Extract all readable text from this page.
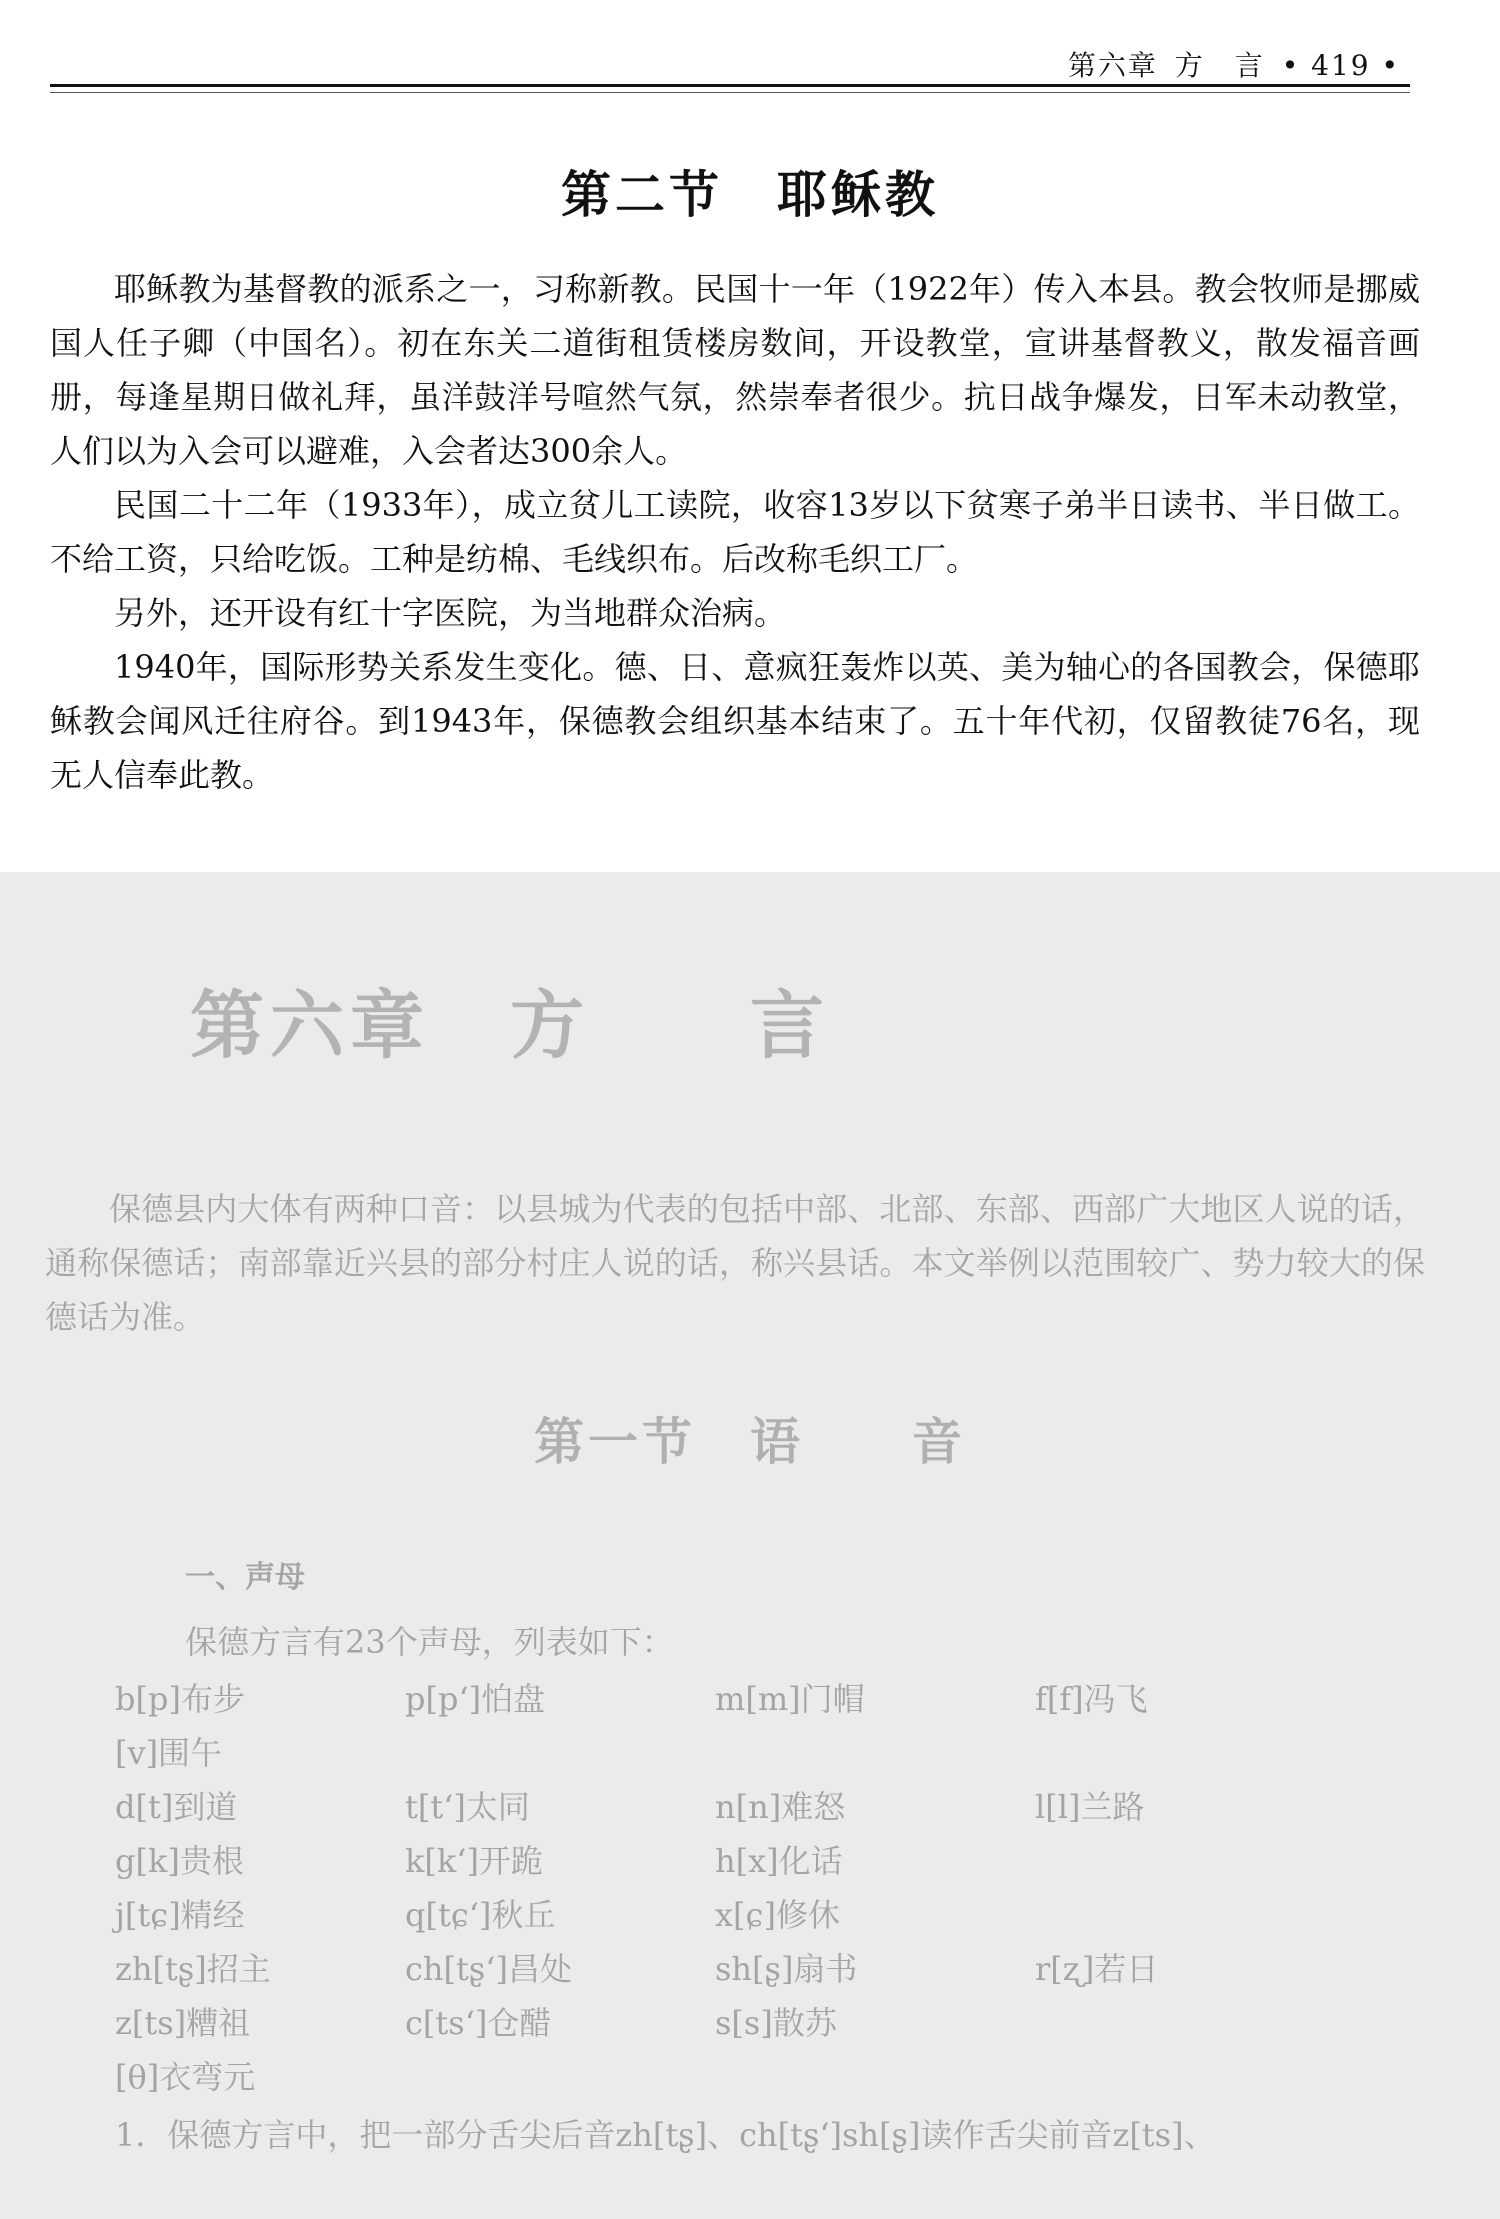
第六章 方　言 • 419 •
第二节　耶稣教

耶稣教为基督教的派系之一，习称新教。民国十一年（1922年）传入本县。教会牧师是挪威国人任子卿（中国名）。初在东关二道街租赁楼房数间，开设教堂，宣讲基督教义，散发福音画册，每逢星期日做礼拜，虽洋鼓洋号喧然气氛，然崇奉者很少。抗日战争爆发，日军未动教堂，人们以为入会可以避难，入会者达300余人。

民国二十二年（1933年），成立贫儿工读院，收容13岁以下贫寒子弟半日读书、半日做工。不给工资，只给吃饭。工种是纺棉、毛线织布。后改称毛织工厂。

另外，还开设有红十字医院，为当地群众治病。

1940年，国际形势关系发生变化。德、日、意疯狂轰炸以英、美为轴心的各国教会，保德耶稣教会闻风迁往府谷。到1943年，保德教会组织基本结束了。五十年代初，仅留教徒76名，现无人信奉此教。

第六章　方　　言

保德县内大体有两种口音：以县城为代表的包括中部、北部、东部、西部广大地区人说的话，通称保德话；南部靠近兴县的部分村庄人说的话，称兴县话。本文举例以范围较广、势力较大的保德话为准。

第一节　语　　音
一、声母
保德方言有23个声母，列表如下：
b[p]布步	p[p‘]怕盘	m[m]门帽	f[f]冯飞
[v]围午
d[t]到道	t[t‘]太同	n[n]难怒	l[l]兰路
g[k]贵根	k[k‘]开跪	h[x]化话
j[tɕ]精经	q[tɕ‘]秋丘	x[ɕ]修休
zh[tʂ]招主	ch[tʂ‘]昌处	sh[ʂ]扇书	r[ʐ]若日
z[ts]糟祖	c[ts‘]仓醋	s[s]散苏
[θ]衣弯元
1．保德方言中，把一部分舌尖后音zh[tʂ]、ch[tʂ‘]sh[ʂ]读作舌尖前音z[ts]、
